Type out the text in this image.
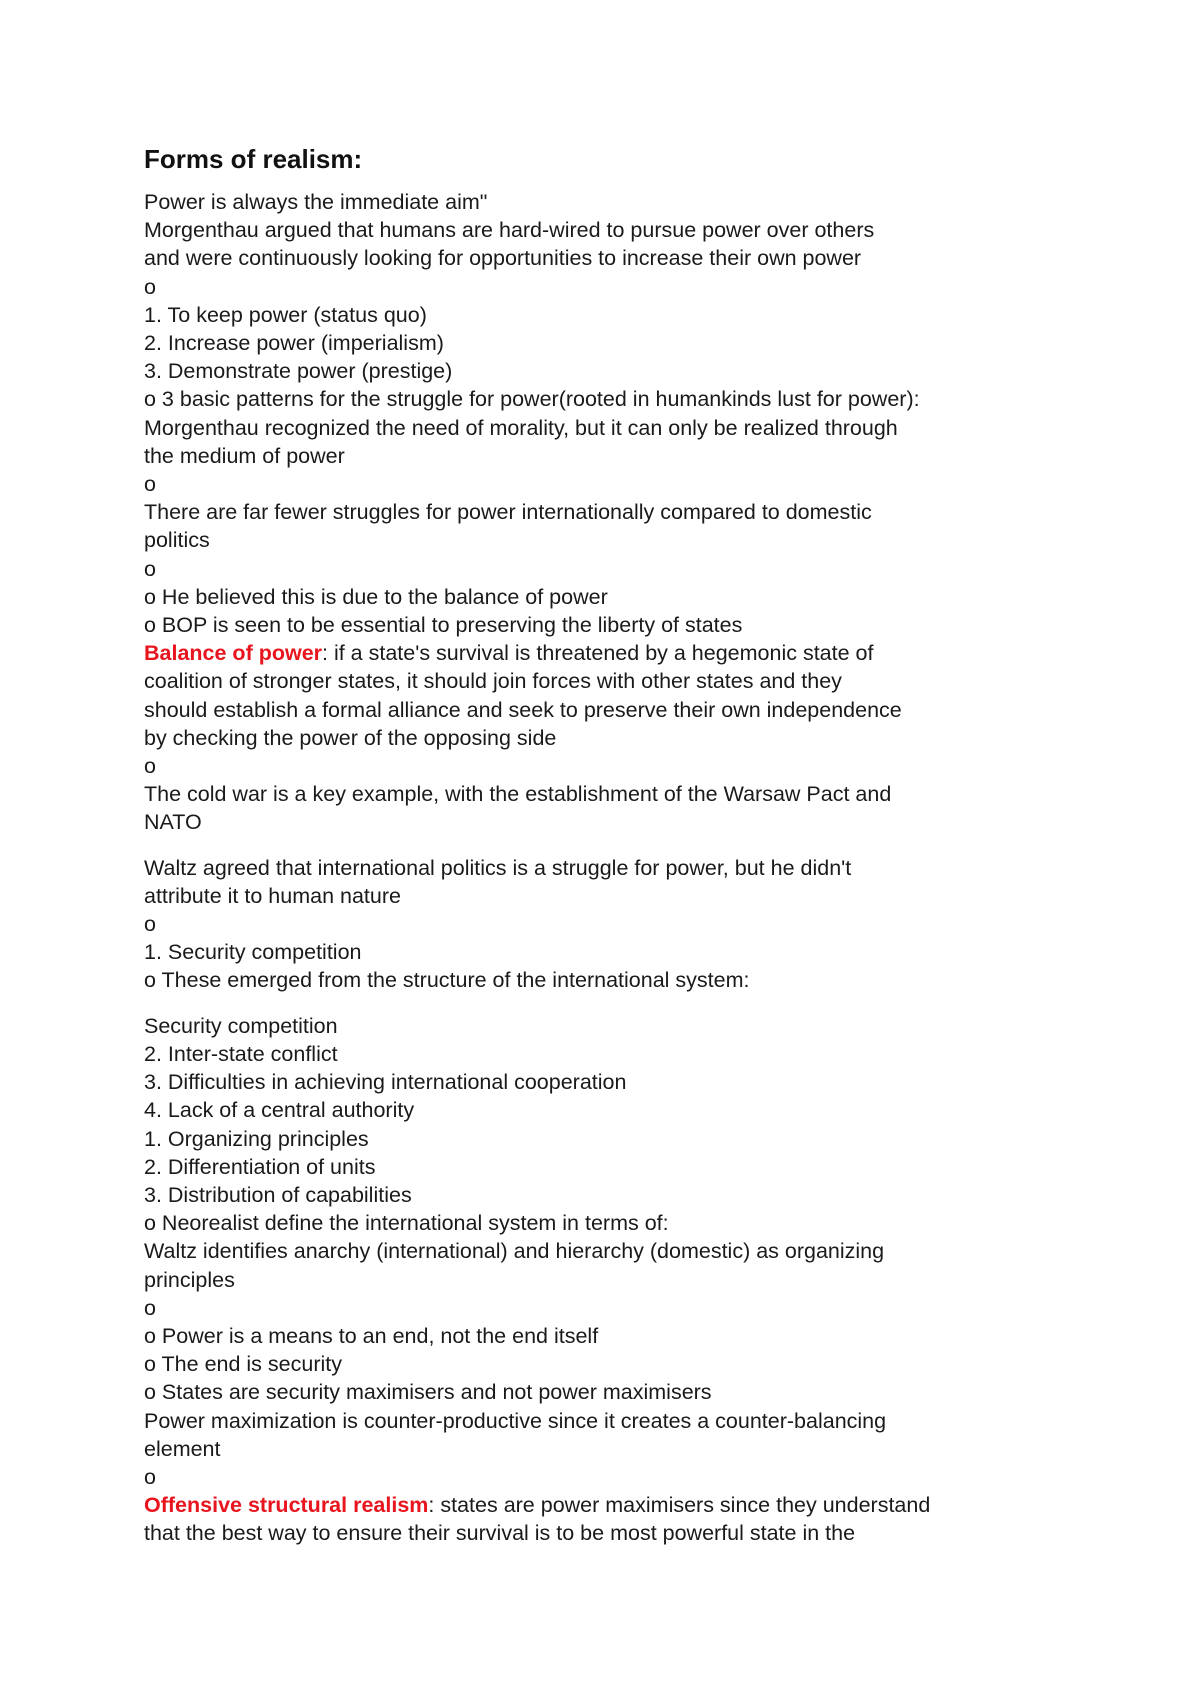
Forms of realism:

Power is always the immediate aim"

Morgenthau argued that humans are hard-wired to pursue power over others

and were continuously looking for opportunities to increase their own power

o

1. To keep power (status quo)

2. Increase power (imperialism)

3. Demonstrate power (prestige)

o 3 basic patterns for the struggle for power(rooted in humankinds lust for power):

Morgenthau recognized the need of morality, but it can only be realized through

the medium of power

o

There are far fewer struggles for power internationally compared to domestic

politics

o

o He believed this is due to the balance of power

o BOP is seen to be essential to preserving the liberty of states

Balance of power: if a state's survival is threatened by a hegemonic state of

coalition of stronger states, it should join forces with other states and they

should establish a formal alliance and seek to preserve their own independence

by checking the power of the opposing side

o

The cold war is a key example, with the establishment of the Warsaw Pact and

NATO

Waltz agreed that international politics is a struggle for power, but he didn't

attribute it to human nature

o

1. Security competition

o These emerged from the structure of the international system:

Security competition

2. Inter-state conflict

3. Difficulties in achieving international cooperation

4. Lack of a central authority

1. Organizing principles

2. Differentiation of units

3. Distribution of capabilities

o Neorealist define the international system in terms of:

Waltz identifies anarchy (international) and hierarchy (domestic) as organizing

principles

o

o Power is a means to an end, not the end itself

o The end is security

o States are security maximisers and not power maximisers

Power maximization is counter-productive since it creates a counter-balancing

element

o

Offensive structural realism: states are power maximisers since they understand

that the best way to ensure their survival is to be most powerful state in the
